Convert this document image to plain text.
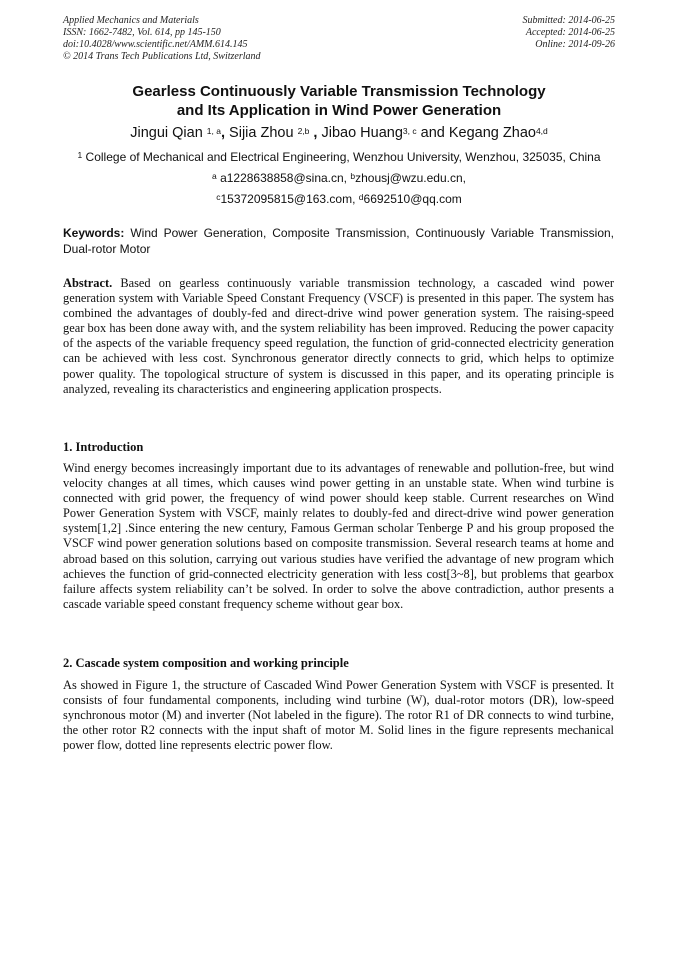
Applied Mechanics and Materials
ISSN: 1662-7482, Vol. 614, pp 145-150
doi:10.4028/www.scientific.net/AMM.614.145
© 2014 Trans Tech Publications Ltd, Switzerland
Submitted: 2014-06-25
Accepted: 2014-06-25
Online: 2014-09-26
Gearless Continuously Variable Transmission Technology
and Its Application in Wind Power Generation
Jingui Qian $^{1, a}$, Sijia Zhou $^{2,b}$ , Jibao Huang$^{3, c}$ and Kegang Zhao$^{4,d}$
$^1$ College of Mechanical and Electrical Engineering, Wenzhou University, Wenzhou, 325035, China
$^a$ a1228638858@sina.cn, $^b$zhousj@wzu.edu.cn,
$^c$15372095815@163.com, $^d$6692510@qq.com
Keywords: Wind Power Generation, Composite Transmission, Continuously Variable Transmission, Dual-rotor Motor
Abstract. Based on gearless continuously variable transmission technology, a cascaded wind power generation system with Variable Speed Constant Frequency (VSCF) is presented in this paper. The system has combined the advantages of doubly-fed and direct-drive wind power generation system. The raising-speed gear box has been done away with, and the system reliability has been improved. Reducing the power capacity of the aspects of the variable frequency speed regulation, the function of grid-connected electricity generation can be achieved with less cost. Synchronous generator directly connects to grid, which helps to optimize power quality. The topological structure of system is discussed in this paper, and its operating principle is analyzed, revealing its characteristics and engineering application prospects.
1. Introduction
Wind energy becomes increasingly important due to its advantages of renewable and pollution-free, but wind velocity changes at all times, which causes wind power getting in an unstable state. When wind turbine is connected with grid power, the frequency of wind power should keep stable. Current researches on Wind Power Generation System with VSCF, mainly relates to doubly-fed and direct-drive wind power generation system[1,2] .Since entering the new century, Famous German scholar Tenberge P and his group proposed the VSCF wind power generation solutions based on composite transmission. Several research teams at home and abroad based on this solution, carrying out various studies have verified the advantage of new program which achieves the function of grid-connected electricity generation with less cost[3~8], but problems that gearbox failure affects system reliability can’t be solved. In order to solve the above contradiction, author presents a cascade variable speed constant frequency scheme without gear box.
2. Cascade system composition and working principle
As showed in Figure 1, the structure of Cascaded Wind Power Generation System with VSCF is presented. It consists of four fundamental components, including wind turbine (W), dual-rotor motors (DR), low-speed synchronous motor (M) and inverter (Not labeled in the figure). The rotor R1 of DR connects to wind turbine, the other rotor R2 connects with the input shaft of motor M. Solid lines in the figure represents mechanical power flow, dotted line represents electric power flow.
